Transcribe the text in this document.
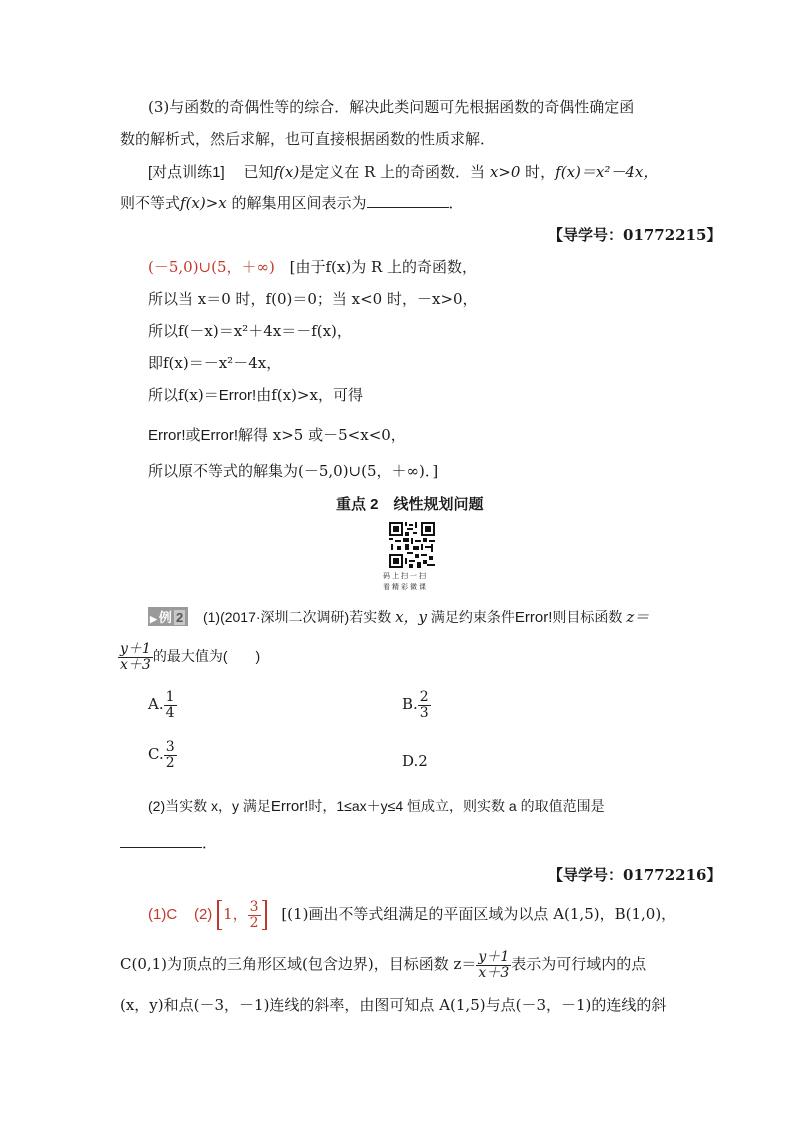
(3)与函数的奇偶性等的综合．解决此类问题可先根据函数的奇偶性确定函
数的解析式，然后求解，也可直接根据函数的性质求解．
[对点训练1] 已知f(x)是定义在 R 上的奇函数．当 x>0 时，f(x)＝x²－4x，
则不等式f(x)>x 的解集用区间表示为	．
【导学号：01772215】
(－5,0)∪(5，＋∞) [由于f(x)为 R 上的奇函数，
所以当 x＝0 时，f(0)＝0；当 x<0 时，－x>0，
所以f(－x)＝x²＋4x＝－f(x)，
即f(x)＝－x²－4x，
所以f(x)＝Error!由f(x)>x，可得
Error!或Error!解得 x>5 或－5<x<0，
所以原不等式的解集为(－5,0)∪(5，＋∞)．]
重点 2　线性规划问题
码上扫一扫
看精彩微课
▶ 例 2 (1)(2017·深圳二次调研)若实数 x，y 满足约束条件Error!则目标函数 z＝
$\frac{y+1}{x+3}$ 的最大值为(　　)
A. $\frac{1}{4}$	B. $\frac{2}{3}$
C. $\frac{3}{2}$	D.2
(2)当实数 x，y 满足Error!时，1≤ax＋y≤4 恒成立，则实数 a 的取值范围是
．
【导学号：01772216】
(1)C (2) 1， $\frac{3}{2} [(1)$画出不等式组满足的平面区域为以点 A(1,5)，B(1,0)，
C(0,1)为顶点的三角形区域(包含边界)，目标函数 $z= \frac{y+1}{x+3}$ 表示为可行域内的点
(x，y)和点(－3，－1)连线的斜率，由图可知点 A(1,5)与点(－3，－1)的连线的斜
